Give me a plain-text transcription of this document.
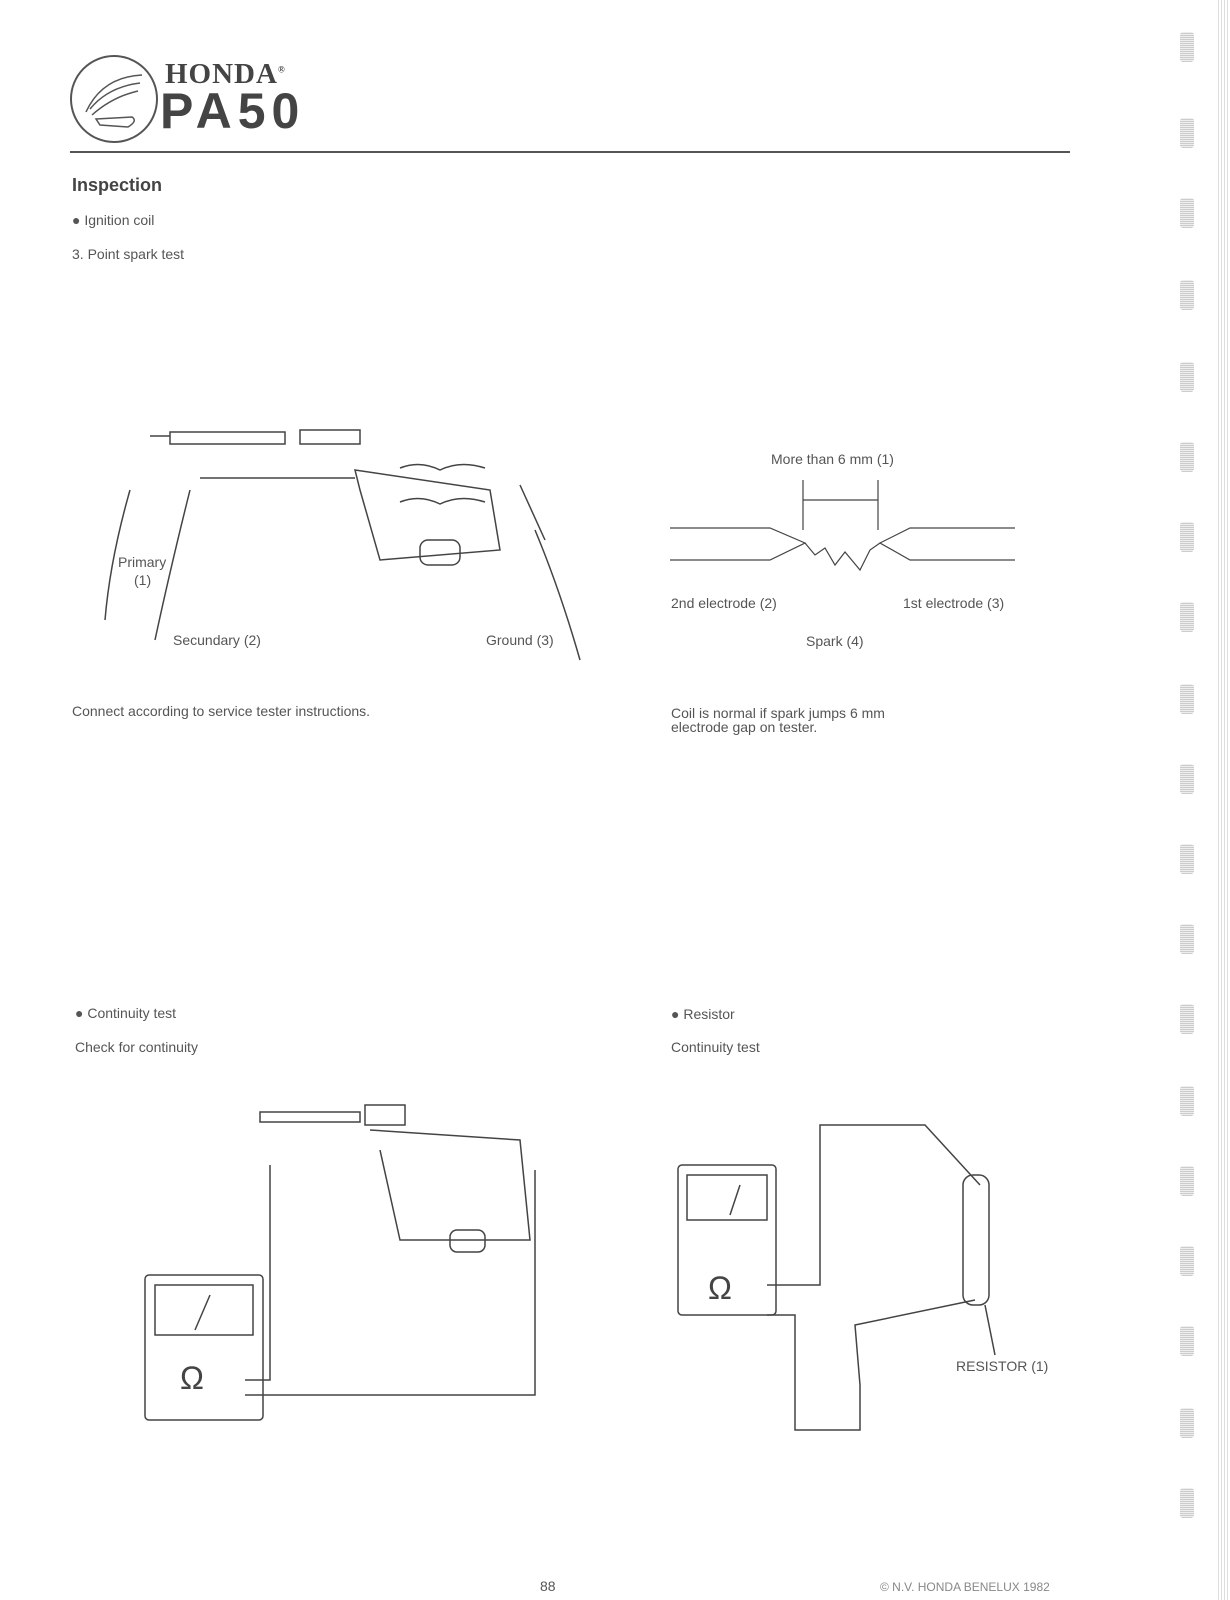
HONDA®
PA50
Inspection
● Ignition coil
3. Point spark test
Primary
(1)
Secundary (2)	Ground (3)
Connect according to service tester instructions.
More than 6 mm (1)
2nd electrode (2)	1st electrode (3)
Spark (4)
Coil is normal if spark jumps 6 mm
electrode gap on tester.
● Continuity test
Check for continuity
● Resistor
Continuity test
Ω
Ω
RESISTOR (1)
88	© N.V. HONDA BENELUX 1982
